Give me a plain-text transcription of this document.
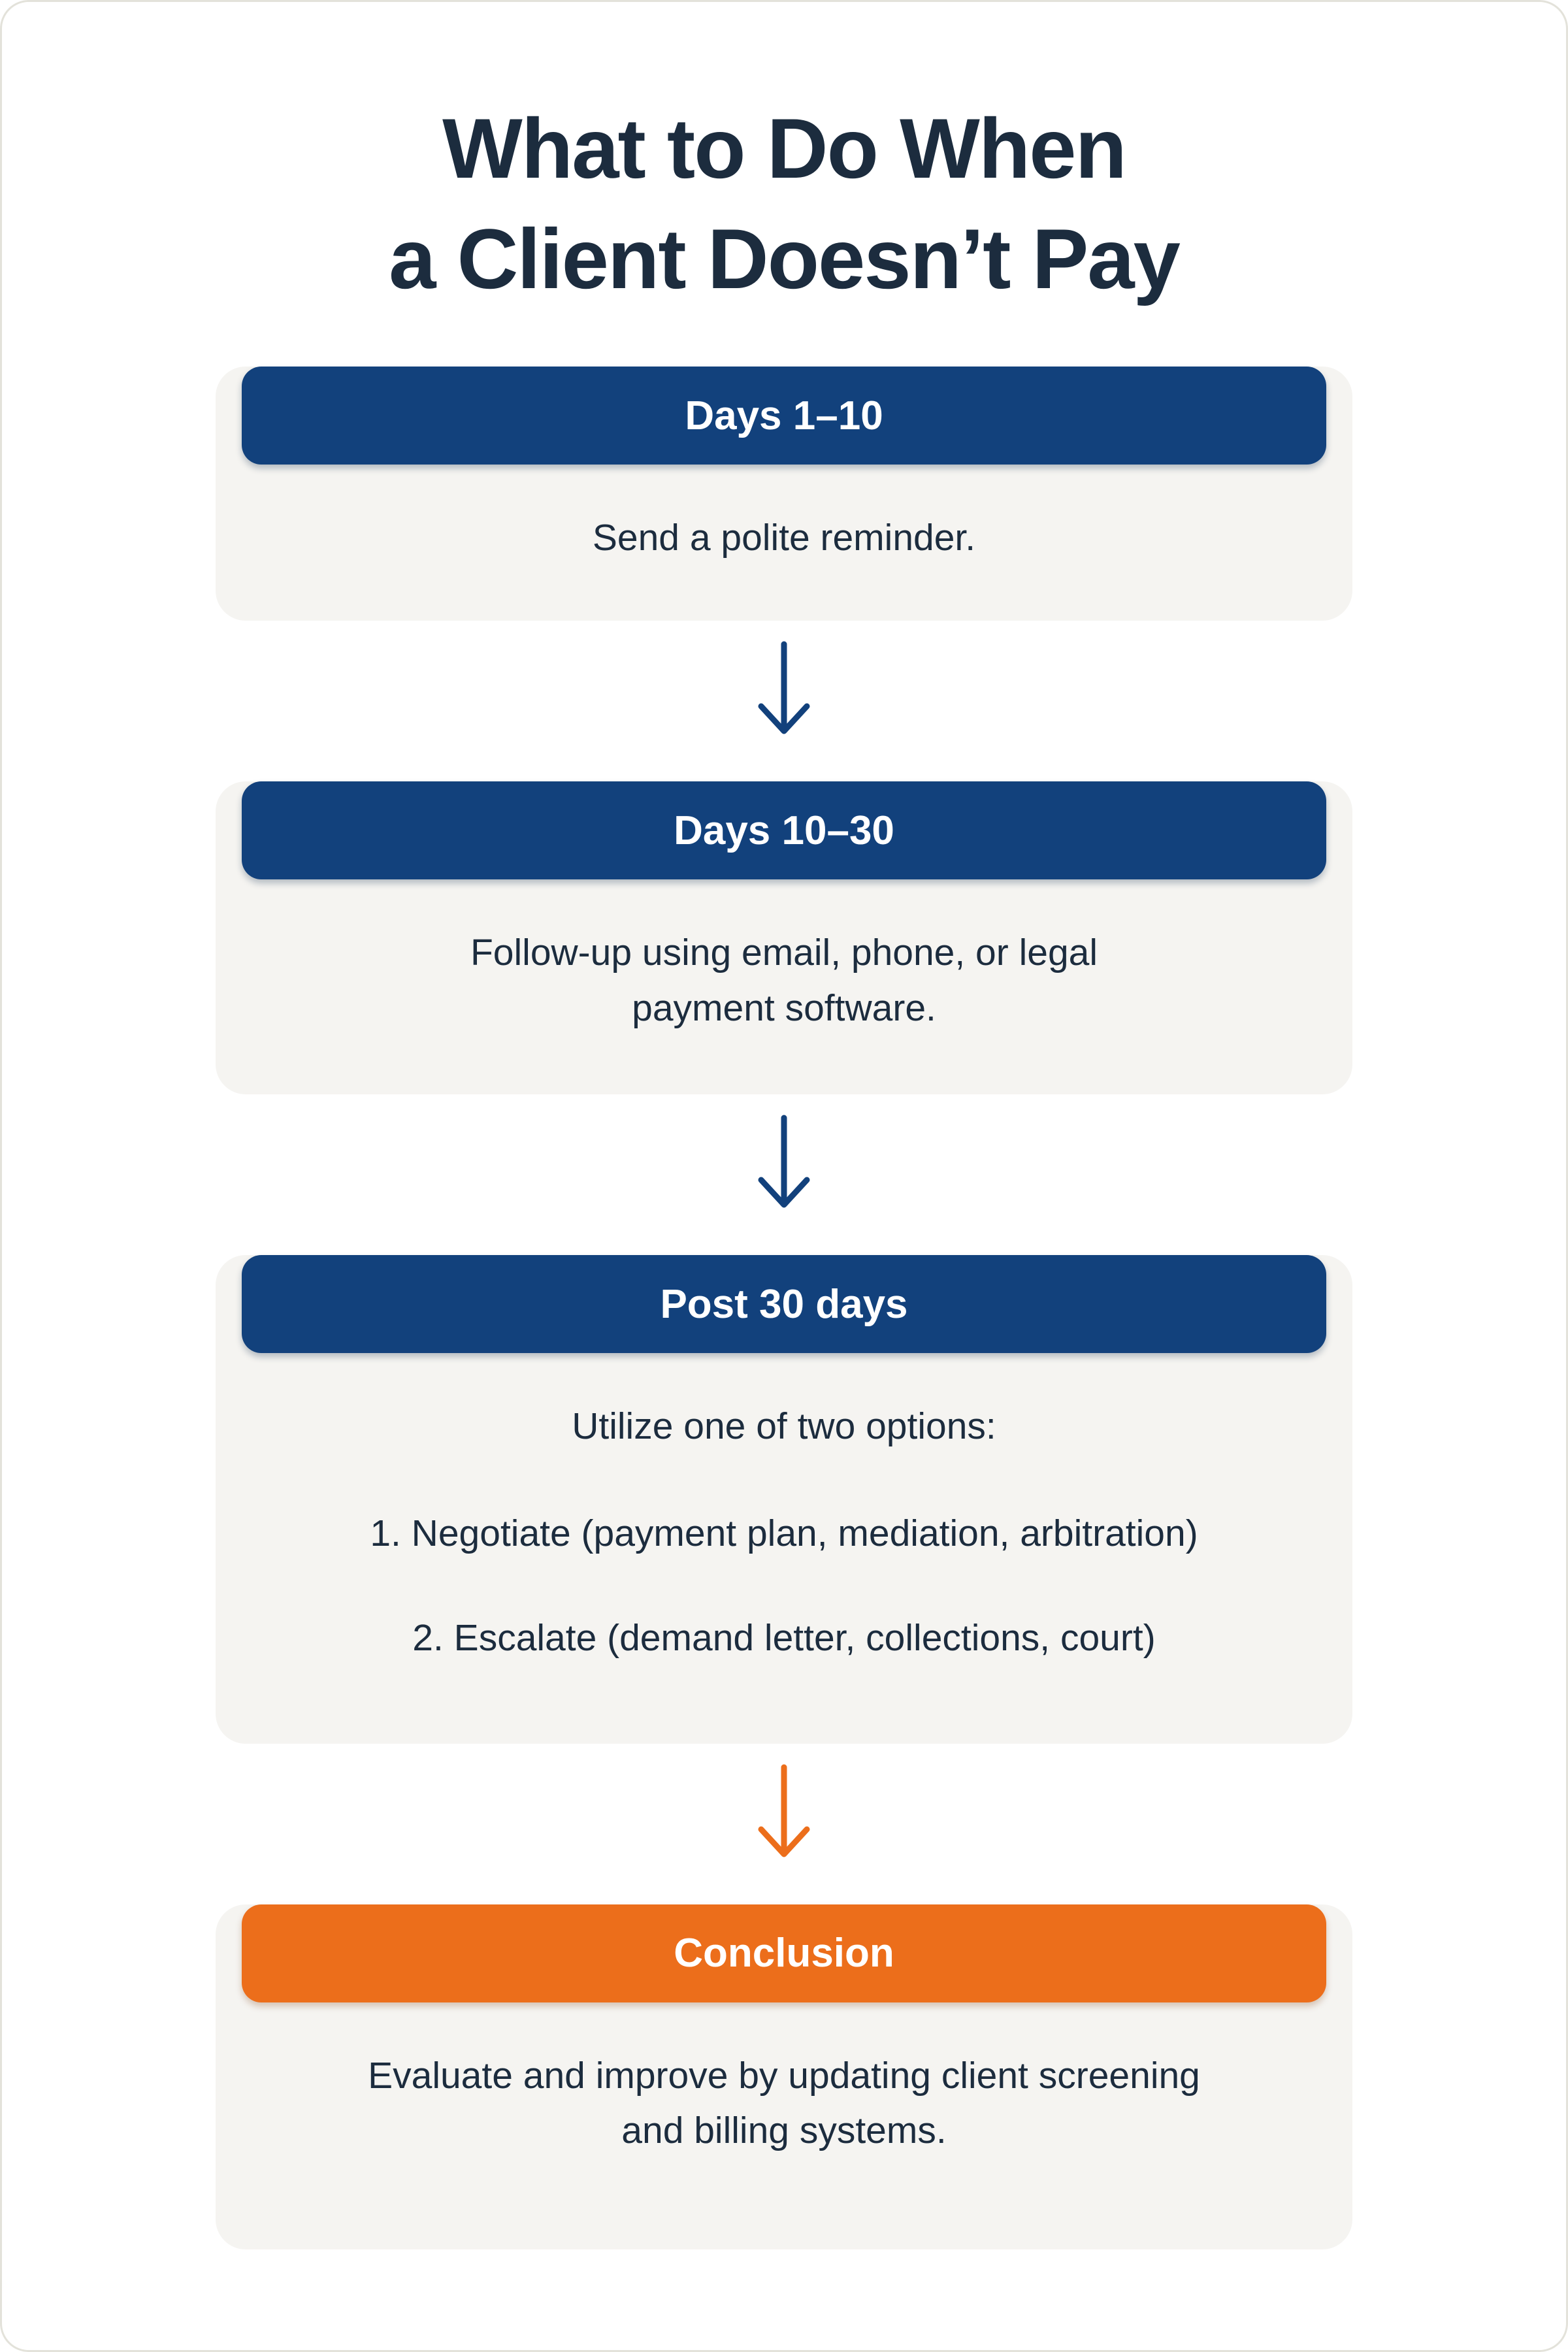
What to Do When
a Client Doesn’t Pay
Days 1–10
Send a polite reminder.
Days 10–30
Follow-up using email, phone, or legal payment software.
Post 30 days
Utilize one of two options:
1. Negotiate (payment plan, mediation, arbitration)
2. Escalate (demand letter, collections, court)
Conclusion
Evaluate and improve by updating client screening and billing systems.
